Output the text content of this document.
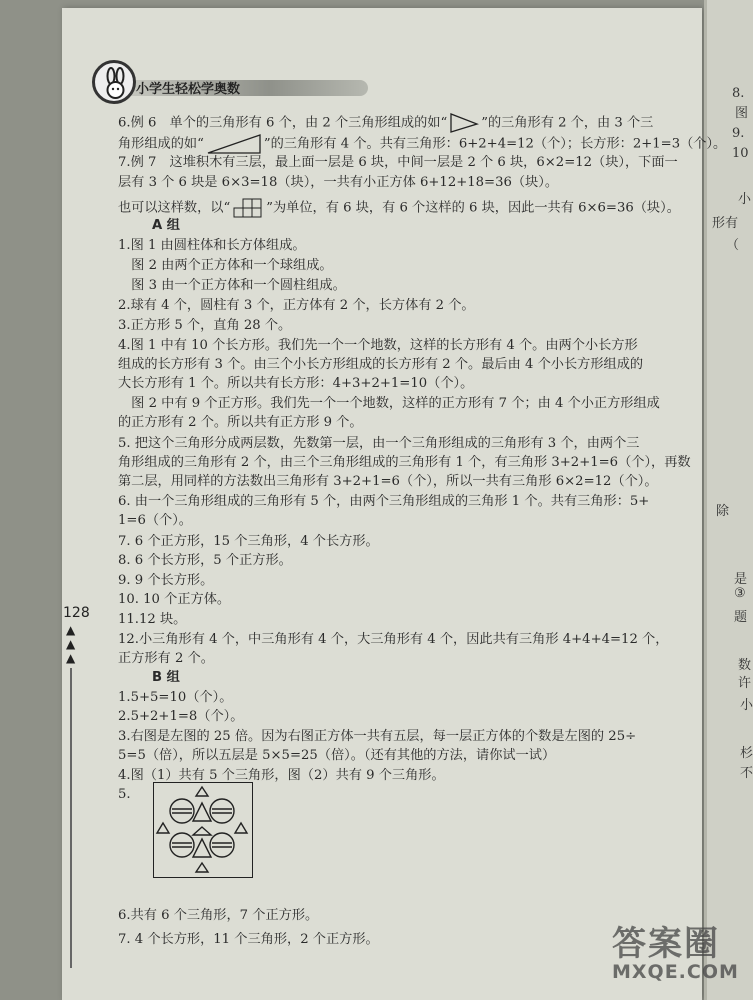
8.
图
9.
10
小
形有
（
除
是
③
题
数
许
小
杉
不
小学生轻松学奥数
6.例 6　单个的三角形有 6 个，由 2 个三角形组成的如“	”的三角形有 2 个，由 3 个三
角形组成的如“	”的三角形有 4 个。共有三角形：6+2+4=12（个）；长方形：2+1=3（个）。
7.例 7　这堆积木有三层，最上面一层是 6 块，中间一层是 2 个 6 块，6×2=12（块），下面一
层有 3 个 6 块是 6×3=18（块），一共有小正方体 6+12+18=36（块）。
也可以这样数，以“	”为单位，有 6 块，有 6 个这样的 6 块，因此一共有 6×6=36（块）。
A 组
1.图 1 由圆柱体和长方体组成。
　图 2 由两个正方体和一个球组成。
　图 3 由一个正方体和一个圆柱组成。
2.球有 4 个，圆柱有 3 个，正方体有 2 个，长方体有 2 个。
3.正方形 5 个，直角 28 个。
4.图 1 中有 10 个长方形。我们先一个一个地数，这样的长方形有 4 个。由两个小长方形
组成的长方形有 3 个。由三个小长方形组成的长方形有 2 个。最后由 4 个小长方形组成的
大长方形有 1 个。所以共有长方形：4+3+2+1=10（个）。
　图 2 中有 9 个正方形。我们先一个一个地数，这样的正方形有 7 个；由 4 个小正方形组成
的正方形有 2 个。所以共有正方形 9 个。
5. 把这个三角形分成两层数，先数第一层，由一个三角形组成的三角形有 3 个，由两个三
角形组成的三角形有 2 个，由三个三角形组成的三角形有 1 个，有三角形 3+2+1=6（个），再数
第二层，用同样的方法数出三角形有 3+2+1=6（个），所以一共有三角形 6×2=12（个）。
6. 由一个三角形组成的三角形有 5 个，由两个三角形组成的三角形 1 个。共有三角形：5+
1=6（个）。
7. 6 个正方形，15 个三角形，4 个长方形。
8. 6 个长方形，5 个正方形。
9. 9 个长方形。
10. 10 个正方体。
11.12 块。
12.小三角形有 4 个，中三角形有 4 个，大三角形有 4 个，因此共有三角形 4+4+4=12 个，
正方形有 2 个。
B 组
1.5+5=10（个）。
2.5+2+1=8（个）。
3.右图是左图的 25 倍。因为右图正方体一共有五层，每一层正方体的个数是左图的 25÷
5=5（倍），所以五层是 5×5=25（倍）。（还有其他的方法，请你试一试）
4.图（1）共有 5 个三角形，图（2）共有 9 个三角形。
5.
6.共有 6 个三角形，7 个正方形。
7. 4 个长方形，11 个三角形，2 个正方形。
128
▲
▲
▲
答案圈
MXQE.COM
